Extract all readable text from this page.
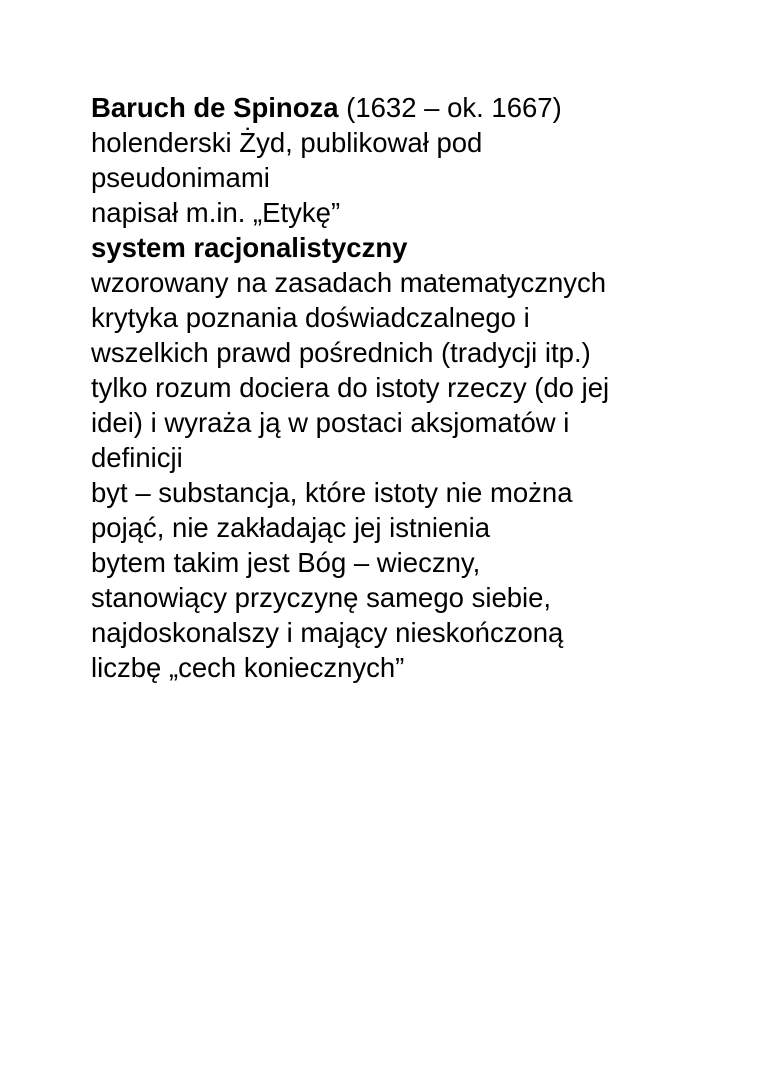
Baruch de Spinoza (1632 – ok. 1667)
holenderski Żyd, publikował pod
pseudonimami
napisał m.in. „Etykę”
system racjonalistyczny
wzorowany na zasadach matematycznych
krytyka poznania doświadczalnego i
wszelkich prawd pośrednich (tradycji itp.)
tylko rozum dociera do istoty rzeczy (do jej
idei) i wyraża ją w postaci aksjomatów i
definicji
byt – substancja, które istoty nie można
pojąć, nie zakładając jej istnienia
bytem takim jest Bóg – wieczny,
stanowiący przyczynę samego siebie,
najdoskonalszy i mający nieskończoną
liczbę „cech koniecznych”
